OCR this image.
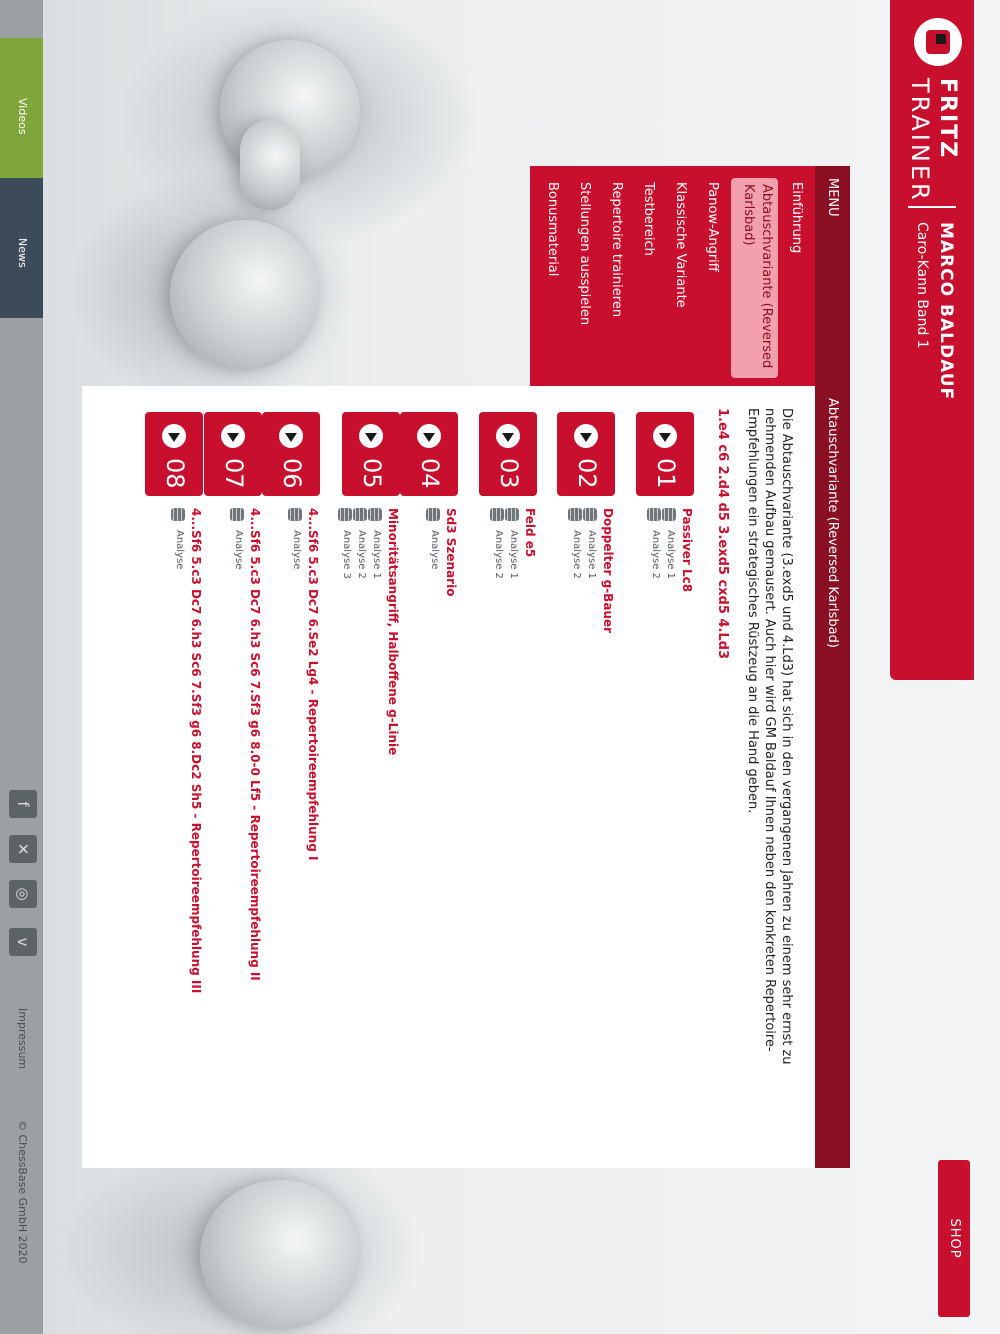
Videos
News
f
✕
◎
v
Impressum
© ChessBase GmbH 2020
FRITZ
TRAINER
MARCO BALDAUF
Caro-Kann Band 1
SHOP
MENU
Einführung
Abtauschvariante (Reversed Karlsbad)
Panow-Angriff
Klassische Variante
Testbereich
Repertoire trainieren
Stellungen ausspielen
Bonusmaterial
Abtauschvariante (Reversed Karlsbad)
Die Abtauschvariante (3.exd5 und 4.Ld3) hat sich in den vergangenen Jahren zu einem sehr ernst zu nehmenden Aufbau gemausert. Auch hier wird GM Baldauf Ihnen neben den konkreten Repertoire-Empfehlungen ein strategisches Rüstzeug an die Hand geben.
1.e4 c6 2.d4 d5 3.exd5 cxd5 4.Ld3
01
Passiver Lc8
Analyse 1
Analyse 2
02
Doppelter g-Bauer
Analyse 1
Analyse 2
03
Feld e5
Analyse 1
Analyse 2
04
Sd3 Szenario
Analyse
05
Minoritätsangriff, Halboffene g-Linie
Analyse 1
Analyse 2
Analyse 3
06
4...Sf6 5.c3 Dc7 6.Se2 Lg4 - Repertoireempfehlung I
Analyse
07
4...Sf6 5.c3 Dc7 6.h3 Sc6 7.Sf3 g6 8.0-0 Lf5 - Repertoireempfehlung II
Analyse
08
4...Sf6 5.c3 Dc7 6.h3 Sc6 7.Sf3 g6 8.Dc2 Sh5 - Repertoireempfehlung III
Analyse
